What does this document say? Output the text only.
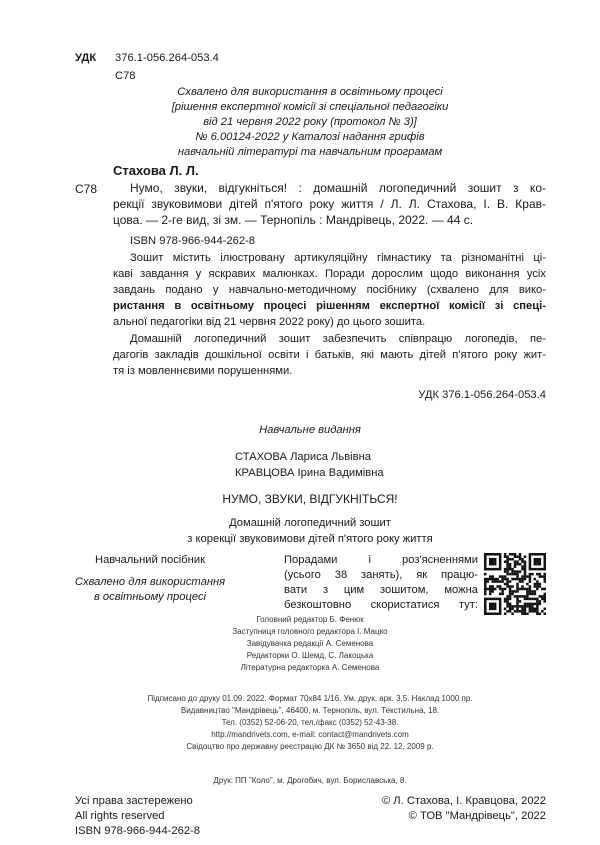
УДК 376.1-056.264-053.4
С78
Схвалено для використання в освітньому процесі
[рішення експертної комісії зі спеціальної педагогіки
від 21 червня 2022 року (протокол № 3)]
№ 6.00124-2022 у Каталозі надання грифів
навчальній літературі та навчальним програмам
Стахова Л. Л.
С78	Нумо, звуки, відгукніться! : домашній логопедичний зошит з ко-
рекції звуковимови дітей п'ятого року життя / Л. Л. Стахова, І. В. Крав-
цова. — 2-ге вид, зі зм. — Тернопіль : Мандрівець, 2022. — 44 с.
ISBN 978-966-944-262-8
Зошит містить ілюстровану артикуляційну гімнастику та різноманітні ці-
каві завдання у яскравих малюнках. Поради дорослим щодо виконання усіх
завдань подано у навчально-методичному посібнику (схвалено для вико-
ристання в освітньому процесі рішенням експертної комісії зі спеці-
альної педагогіки від 21 червня 2022 року) до цього зошита.
Домашній логопедичний зошит забезпечить співпрацю логопедів, пе-
дагогів закладів дошкільної освіти і батьків, які мають дітей п'ятого року жит-
тя із мовленнєвими порушеннями.
УДК 376.1-056.264-053.4
Навчальне видання
СТАХОВА Лариса Львівна
КРАВЦОВА Ірина Вадимівна
НУМО, ЗВУКИ, ВІДГУКНІТЬСЯ!
Домашній логопедичний зошит
з корекції звуковимови дітей п'ятого року життя
Навчальний посібник
Схвалено для використання
в освітньому процесі
Порадами і роз'ясненнями
(усього 38 занять), як працю-
вати з цим зошитом, можна
безкоштовно скористатися тут:
Головний редактор Б. Фенюк
Заступниця головного редактора І. Мацко
Завідувачка редакції А. Семенова
Редакторки О. Шемд, С. Лакоцька
Літературна редакторка А. Семенова
Підписано до друку 01.09. 2022. Формат 70х84 1/16. Ум. друк. арк. 3,5. Наклад 1000 пр.
Видавництво "Мандрівець", 46400, м. Тернопіль, вул. Текстильна, 18.
Тел. (0352) 52-06-20, тел./факс (0352) 52-43-38.
http://mandrivets.com, e-mail: contact@mandrivets.com
Свідоцтво про державну реєстрацію ДК № 3650 від 22. 12. 2009 р.
Друк: ПП "Коло", м. Дрогобич, вул. Бориславська, 8.
Усі права застережено
All rights reserved
ISBN 978-966-944-262-8
© Л. Стахова, І. Кравцова, 2022
© ТОВ "Мандрівець", 2022
